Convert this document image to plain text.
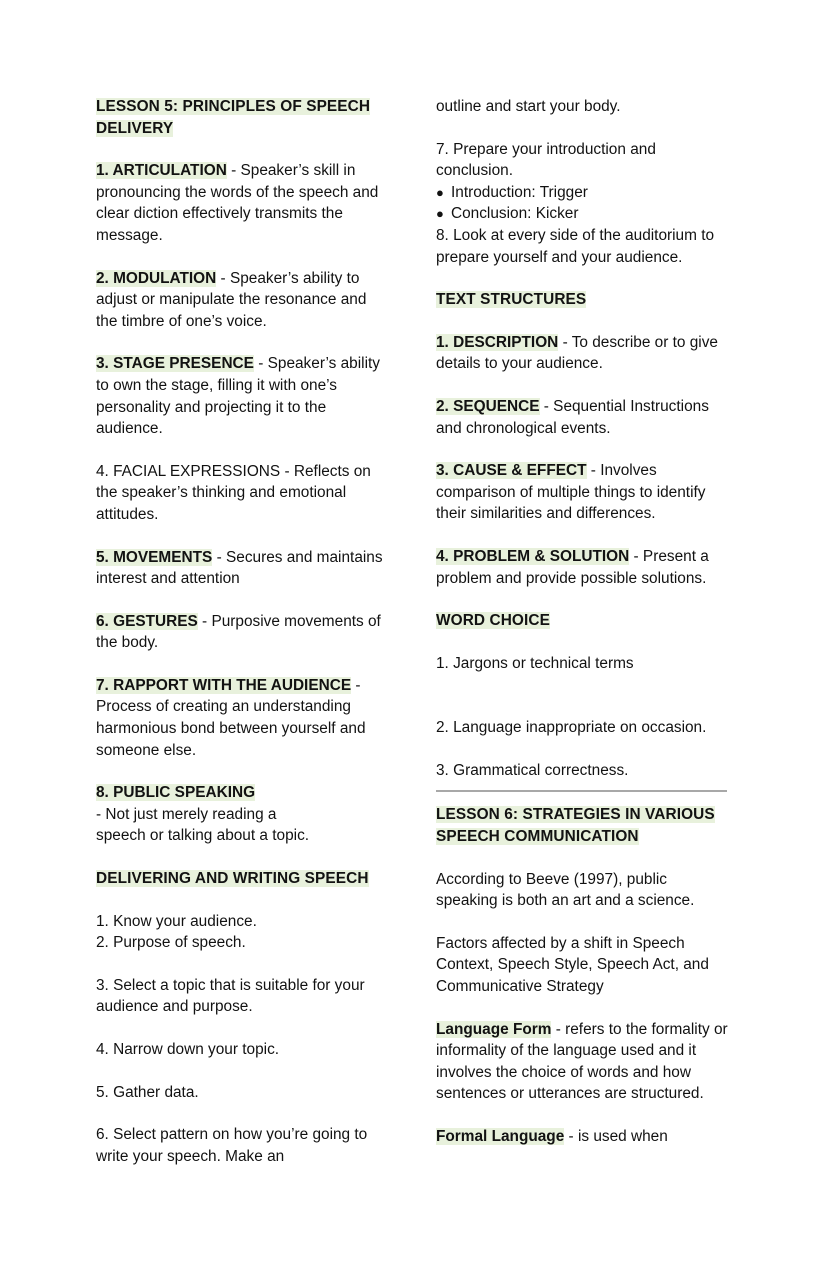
LESSON 5: PRINCIPLES OF SPEECH
DELIVERY

1. ARTICULATION - Speaker’s skill in pronouncing the words of the speech and clear diction effectively transmits the message.

2. MODULATION - Speaker’s ability to adjust or manipulate the resonance and the timbre of one’s voice.

3. STAGE PRESENCE - Speaker’s ability to own the stage, filling it with one’s personality and projecting it to the audience.

4. FACIAL EXPRESSIONS - Reflects on the speaker’s thinking and emotional attitudes.

5. MOVEMENTS - Secures and maintains interest and attention

6. GESTURES - Purposive movements of the body.

7. RAPPORT WITH THE AUDIENCE - Process of creating an understanding harmonious bond between yourself and someone else.

8. PUBLIC SPEAKING
- Not just merely reading a
speech or talking about a topic.

DELIVERING AND WRITING SPEECH

1. Know your audience.

2. Purpose of speech.

3. Select a topic that is suitable for your audience and purpose.

4. Narrow down your topic.

5. Gather data.

6. Select pattern on how you’re going to write your speech. Make an

outline and start your body.

7. Prepare your introduction and
conclusion.

● Introduction: Trigger
● Conclusion: Kicker

8. Look at every side of the auditorium to prepare yourself and your audience.

TEXT STRUCTURES

1. DESCRIPTION - To describe or to give details to your audience.

2. SEQUENCE - Sequential Instructions and chronological events.

3. CAUSE & EFFECT - Involves comparison of multiple things to identify their similarities and differences.

4. PROBLEM & SOLUTION - Present a problem and provide possible solutions.

WORD CHOICE

1. Jargons or technical terms

2. Language inappropriate on occasion.

3. Grammatical correctness.

LESSON 6: STRATEGIES IN VARIOUS
SPEECH COMMUNICATION

According to Beeve (1997), public speaking is both an art and a science.

Factors affected by a shift in Speech Context, Speech Style, Speech Act, and Communicative Strategy

Language Form - refers to the formality or informality of the language used and it involves the choice of words and how sentences or utterances are structured.

Formal Language - is used when
